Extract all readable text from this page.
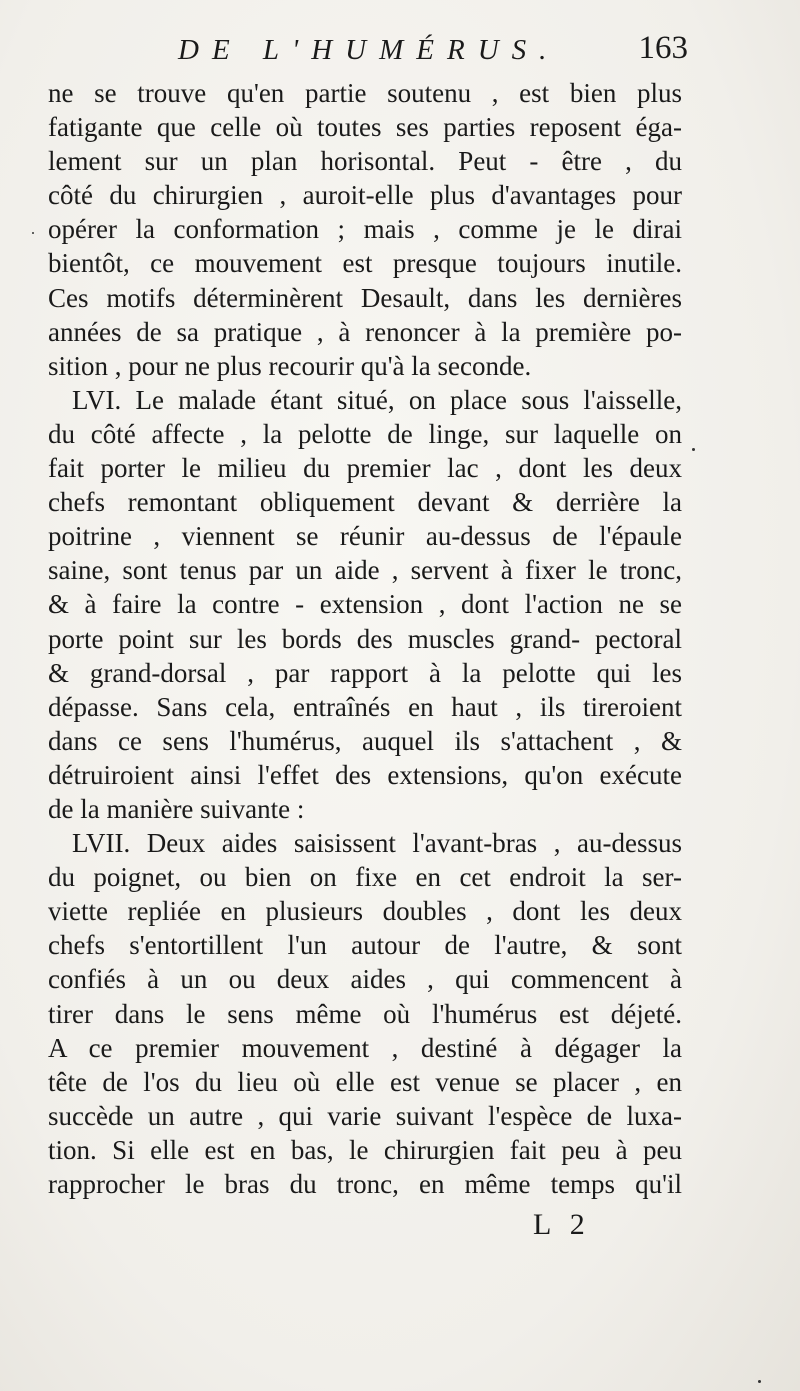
DE L'HUMÉRUS. 163
ne se trouve qu'en partie soutenu , est bien plus
fatigante que celle où toutes ses parties reposent éga-
lement sur un plan horisontal. Peut - être , du
côté du chirurgien , auroit-elle plus d'avantages pour
opérer la conformation ; mais , comme je le dirai
bientôt, ce mouvement est presque toujours inutile.
Ces motifs déterminèrent Desault, dans les dernières
années de sa pratique , à renoncer à la première po-
sition , pour ne plus recourir qu'à la seconde.
LVI. Le malade étant situé, on place sous l'aisselle,
du côté affecte , la pelotte de linge, sur laquelle on
fait porter le milieu du premier lac , dont les deux
chefs remontant obliquement devant & derrière la
poitrine , viennent se réunir au-dessus de l'épaule
saine, sont tenus par un aide , servent à fixer le tronc,
& à faire la contre - extension , dont l'action ne se
porte point sur les bords des muscles grand- pectoral
& grand-dorsal , par rapport à la pelotte qui les
dépasse. Sans cela, entraînés en haut , ils tireroient
dans ce sens l'humérus, auquel ils s'attachent , &
détruiroient ainsi l'effet des extensions, qu'on exécute
de la manière suivante :
LVII. Deux aides saisissent l'avant-bras , au-dessus
du poignet, ou bien on fixe en cet endroit la ser-
viette repliée en plusieurs doubles , dont les deux
chefs s'entortillent l'un autour de l'autre, & sont
confiés à un ou deux aides , qui commencent à
tirer dans le sens même où l'humérus est déjeté.
A ce premier mouvement , destiné à dégager la
tête de l'os du lieu où elle est venue se placer , en
succède un autre , qui varie suivant l'espèce de luxa-
tion. Si elle est en bas, le chirurgien fait peu à peu
rapprocher le bras du tronc, en même temps qu'il
L 2
